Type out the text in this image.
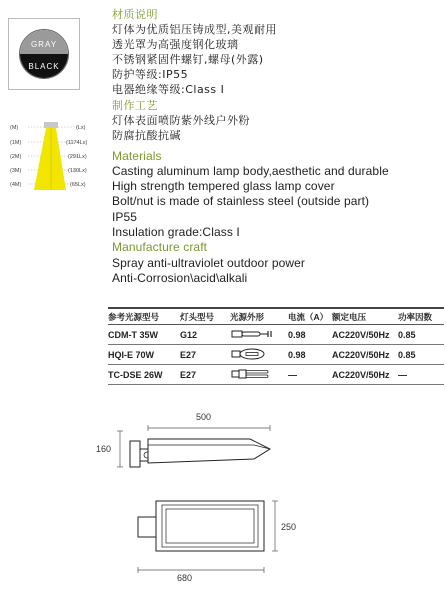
GRAY
BLACK
(M)
(1M)
(2M)
(3M)
(4M)
(Lx)
(1174Lx)
(291Lx)
(130Lx)
(65Lx)
材质说明
灯体为优质铝压铸成型,美观耐用
透光罩为高强度钢化玻璃
不锈钢紧固件螺钉,螺母(外露)
防护等级:IP55
电器绝缘等级:Class I
制作工艺
灯体表面喷防紫外线户外粉
防腐抗酸抗碱
Materials
Casting aluminum lamp body,aesthetic and durable
High strength tempered glass lamp cover
Bolt/nut is made of stainless steel (outside part)
IP55
Insulation grade:Class I
Manufacture craft
Spray anti-ultraviolet outdoor power
Anti-Corrosion\acid\alkali
参考光源型号	灯头型号	光源外形	电流（A）	额定电压	功率因数
CDM-T 35W	G12		0.98	AC220V/50Hz	0.85
HQI-E 70W	E27		0.98	AC220V/50Hz	0.85
TC-DSE 26W	E27		—	AC220V/50Hz	—
500
160
250
680
